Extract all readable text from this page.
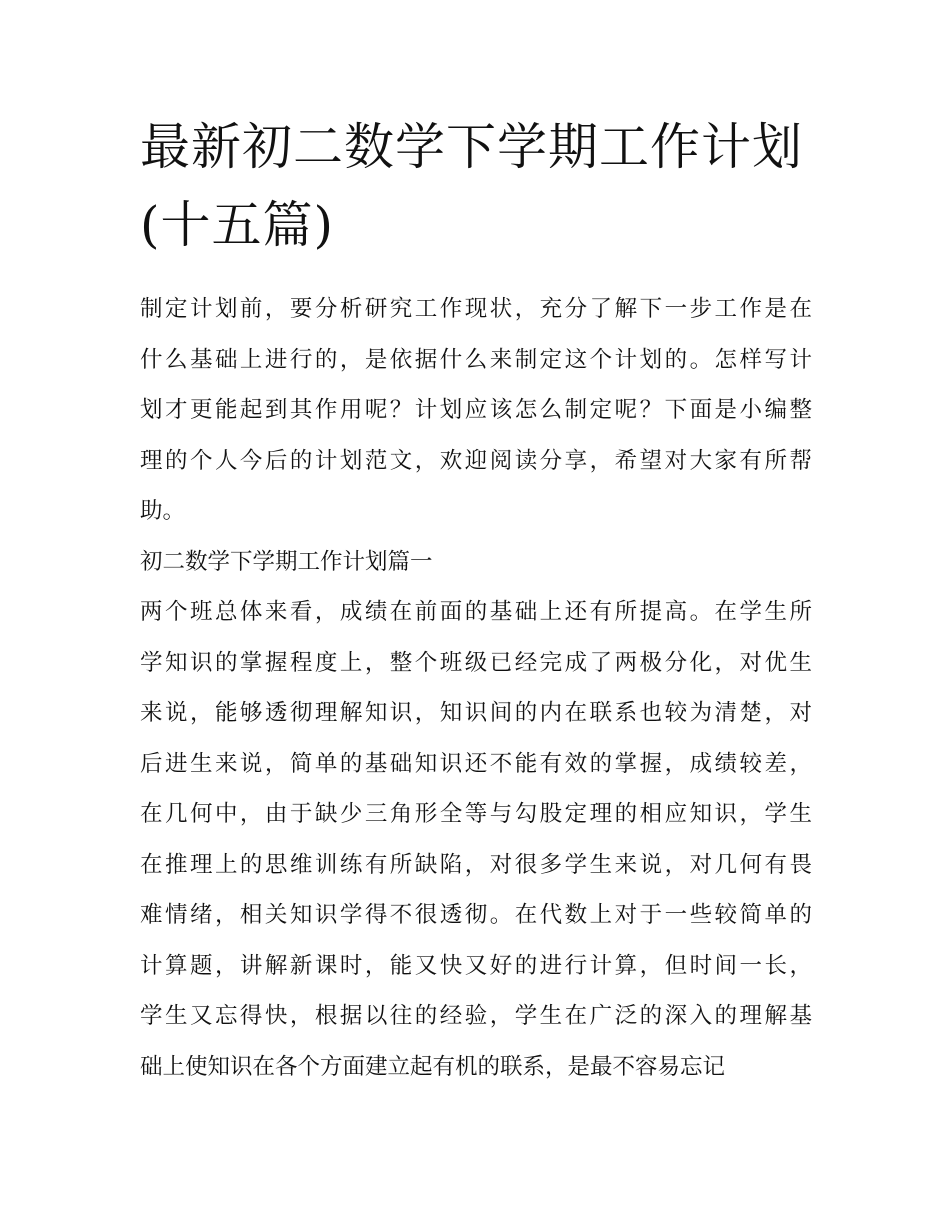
最新初二数学下学期工作计划
(十五篇)

制定计划前，要分析研究工作现状，充分了解下一步工作是在
什么基础上进行的，是依据什么来制定这个计划的。怎样写计
划才更能起到其作用呢？计划应该怎么制定呢？下面是小编整
理的个人今后的计划范文，欢迎阅读分享，希望对大家有所帮
助。

初二数学下学期工作计划篇一

两个班总体来看，成绩在前面的基础上还有所提高。在学生所
学知识的掌握程度上，整个班级已经完成了两极分化，对优生
来说，能够透彻理解知识，知识间的内在联系也较为清楚，对
后进生来说，简单的基础知识还不能有效的掌握，成绩较差，
在几何中，由于缺少三角形全等与勾股定理的相应知识，学生
在推理上的思维训练有所缺陷，对很多学生来说，对几何有畏
难情绪，相关知识学得不很透彻。在代数上对于一些较简单的
计算题，讲解新课时，能又快又好的进行计算，但时间一长，
学生又忘得快，根据以往的经验，学生在广泛的深入的理解基
础上使知识在各个方面建立起有机的联系，是最不容易忘记
